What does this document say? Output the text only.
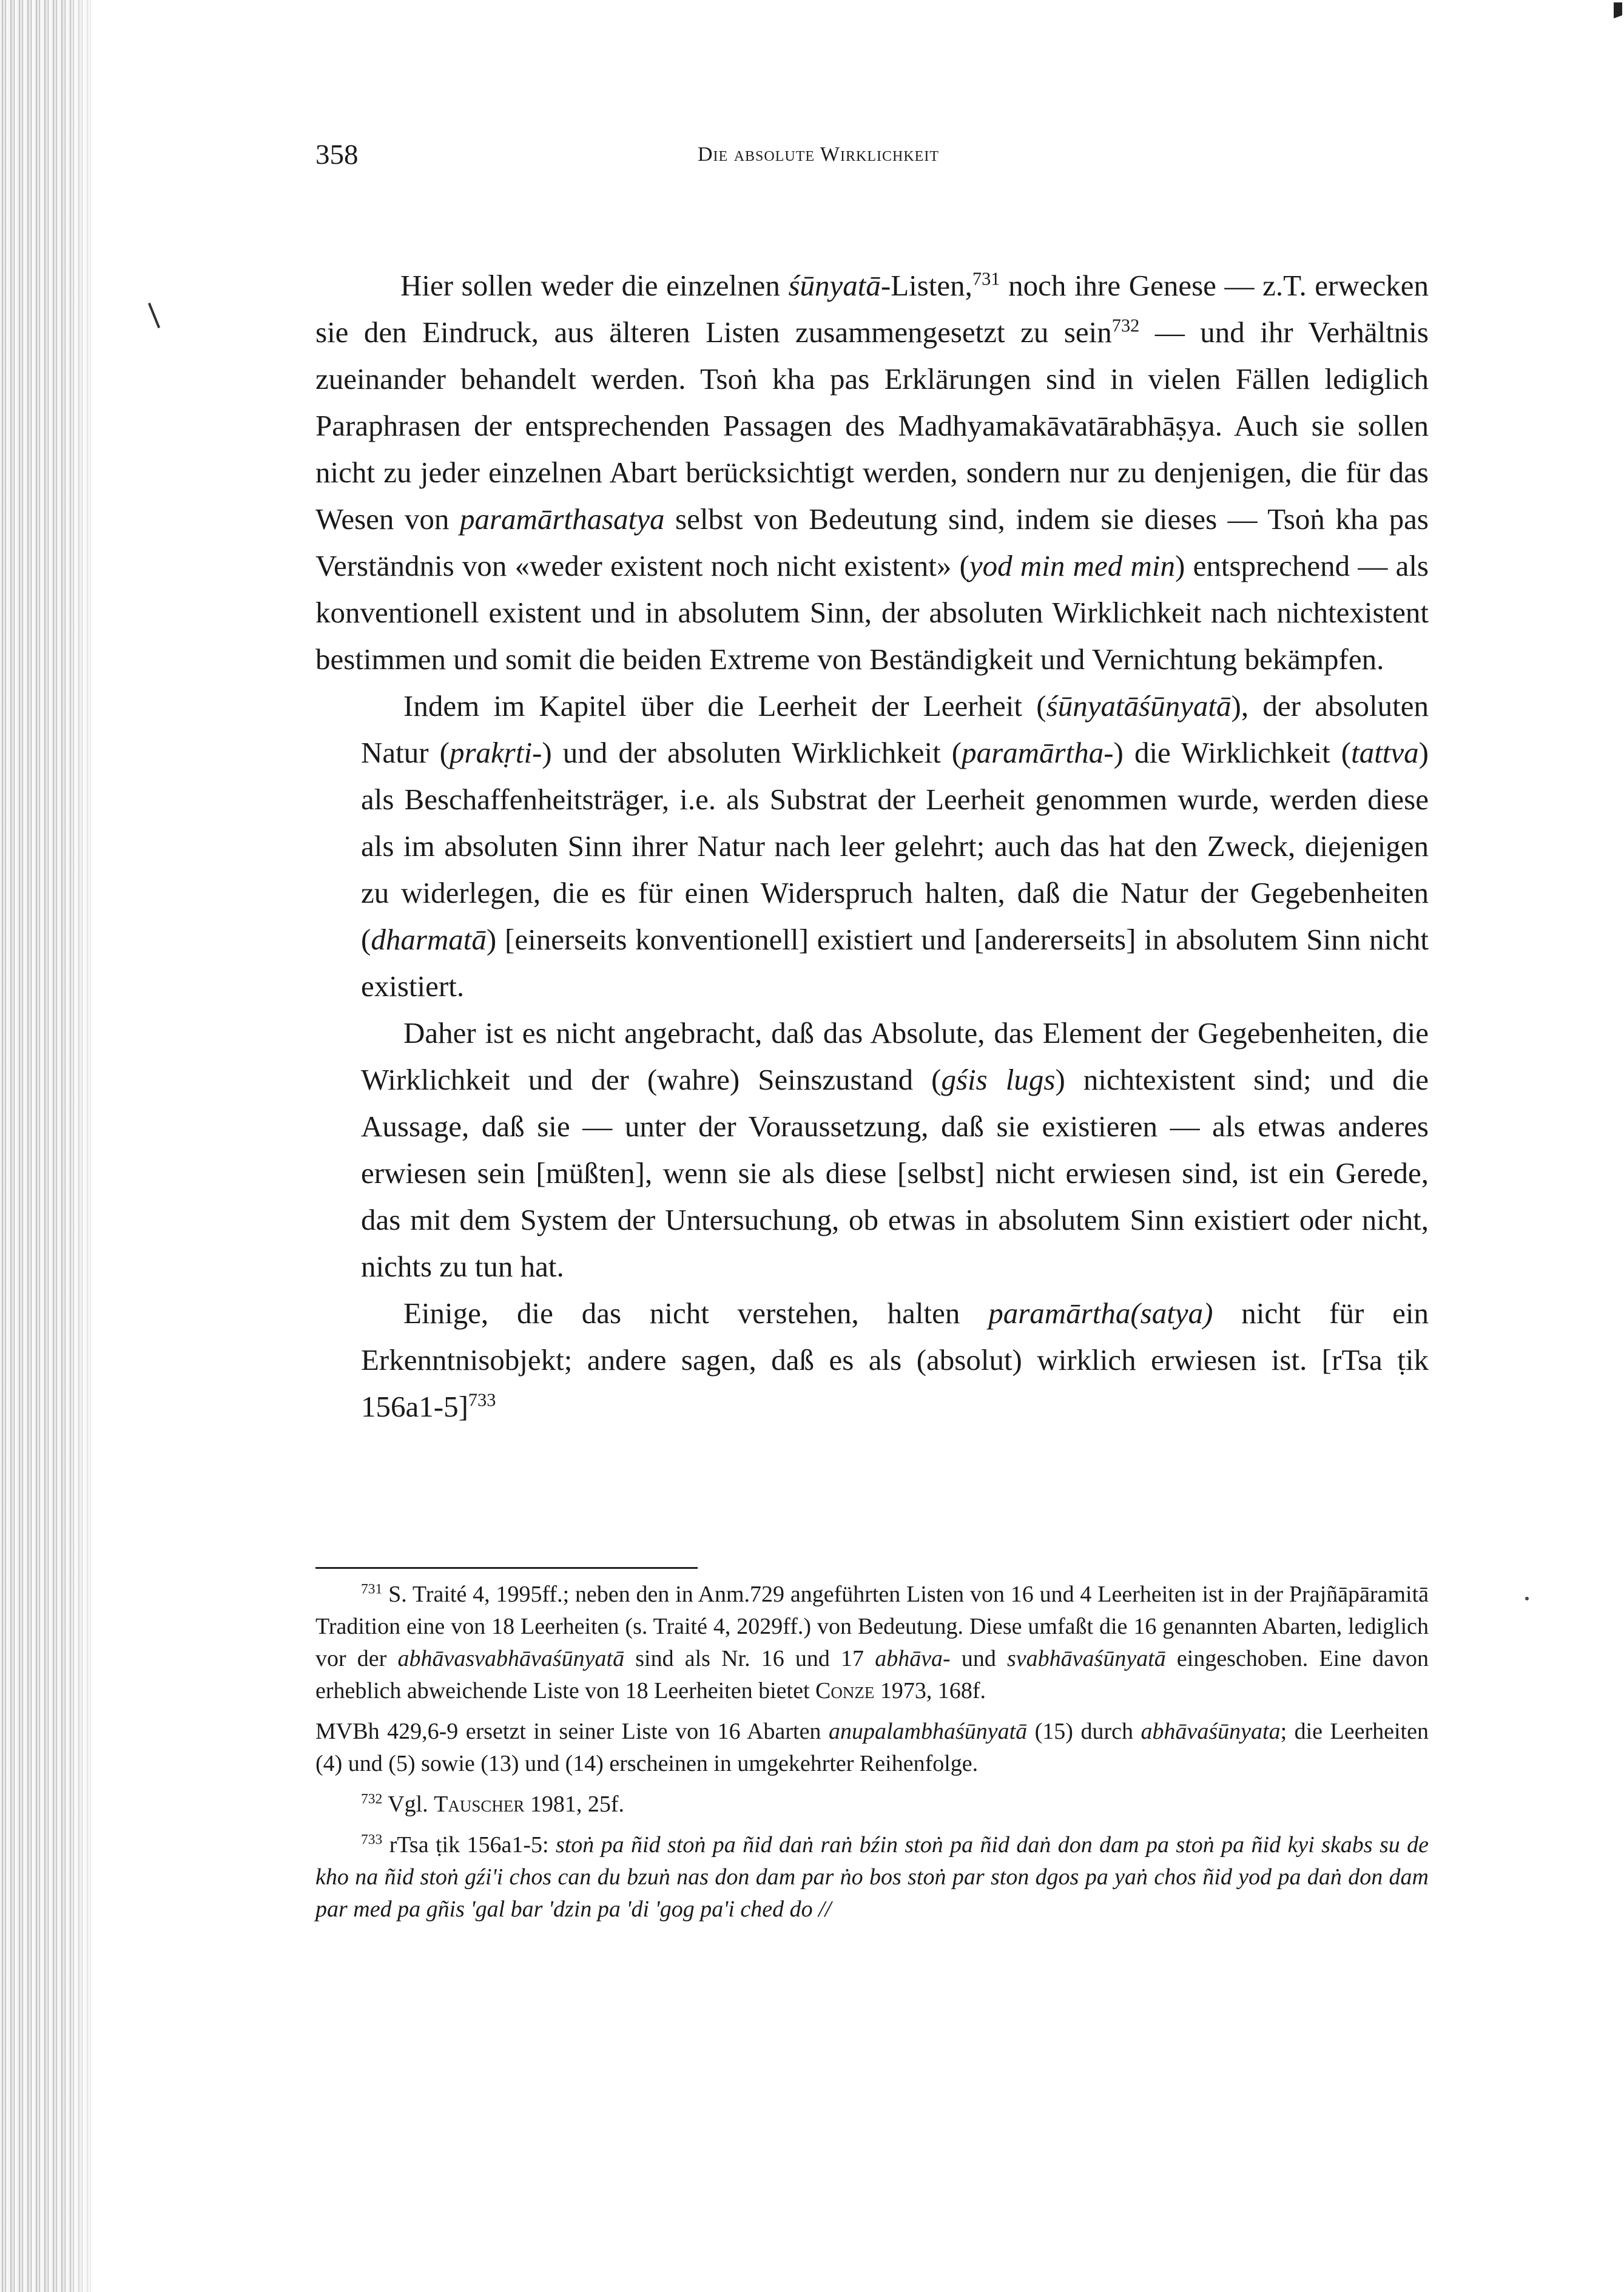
358	Die absolute Wirklichkeit

Hier sollen weder die einzelnen śūnyatā-Listen,$^{731}$ noch ihre Genese — z.T. erwecken sie den Eindruck, aus älteren Listen zusammengesetzt zu sein$^{732}$ — und ihr Verhältnis zueinander behandelt werden. Tsoṅ kha pas Erklärungen sind in vielen Fällen lediglich Paraphrasen der entsprechenden Passagen des Madhyamakāvatārabhāṣya. Auch sie sollen nicht zu jeder einzelnen Abart berücksichtigt werden, sondern nur zu denjenigen, die für das Wesen von paramārthasatya selbst von Bedeutung sind, indem sie dieses — Tsoṅ kha pas Verständnis von «weder existent noch nicht existent» (yod min med min) entsprechend — als konventionell existent und in absolutem Sinn, der absoluten Wirklichkeit nach nichtexistent bestimmen und somit die beiden Extreme von Beständigkeit und Vernichtung bekämpfen.

Indem im Kapitel über die Leerheit der Leerheit (śūnyatāśūnyatā), der absoluten Natur (prakṛti-) und der absoluten Wirklichkeit (paramārtha-) die Wirklichkeit (tattva) als Beschaffenheitsträger, i.e. als Substrat der Leerheit genommen wurde, werden diese als im absoluten Sinn ihrer Natur nach leer gelehrt; auch das hat den Zweck, diejenigen zu widerlegen, die es für einen Widerspruch halten, daß die Natur der Gegebenheiten (dharmatā) [einerseits konventionell] existiert und [andererseits] in absolutem Sinn nicht existiert.

Daher ist es nicht angebracht, daß das Absolute, das Element der Gegebenheiten, die Wirklichkeit und der (wahre) Seinszustand (gśis lugs) nichtexistent sind; und die Aussage, daß sie — unter der Voraussetzung, daß sie existieren — als etwas anderes erwiesen sein [müßten], wenn sie als diese [selbst] nicht erwiesen sind, ist ein Gerede, das mit dem System der Untersuchung, ob etwas in absolutem Sinn existiert oder nicht, nichts zu tun hat.

Einige, die das nicht verstehen, halten paramārtha(satya) nicht für ein Erkenntnisobjekt; andere sagen, daß es als (absolut) wirklich erwiesen ist. [rTsa ṭik 156a1-5]$^{733}$

$^{731}$ S. Traité 4, 1995ff.; neben den in Anm.729 angeführten Listen von 16 und 4 Leerheiten ist in der Prajñāpāramitā Tradition eine von 18 Leerheiten (s. Traité 4, 2029ff.) von Bedeutung. Diese umfaßt die 16 genannten Abarten, lediglich vor der abhāvasvabhāvaśūnyatā sind als Nr. 16 und 17 abhāva- und svabhāvaśūnyatā eingeschoben. Eine davon erheblich abweichende Liste von 18 Leerheiten bietet Conze 1973, 168f.

MVBh 429,6-9 ersetzt in seiner Liste von 16 Abarten anupalambhaśūnyatā (15) durch abhāvaśūnyata; die Leerheiten (4) und (5) sowie (13) und (14) erscheinen in umgekehrter Reihenfolge.

$^{732}$ Vgl. Tauscher 1981, 25f.

$^{733}$ rTsa ṭik 156a1-5: stoṅ pa ñid stoṅ pa ñid daṅ raṅ bźin stoṅ pa ñid daṅ don dam pa stoṅ pa ñid kyi skabs su de kho na ñid stoṅ gźi'i chos can du bzuṅ nas don dam par ṅo bos stoṅ par ston dgos pa yaṅ chos ñid yod pa daṅ don dam par med pa gñis 'gal bar 'dzin pa 'di 'gog pa'i ched do //
